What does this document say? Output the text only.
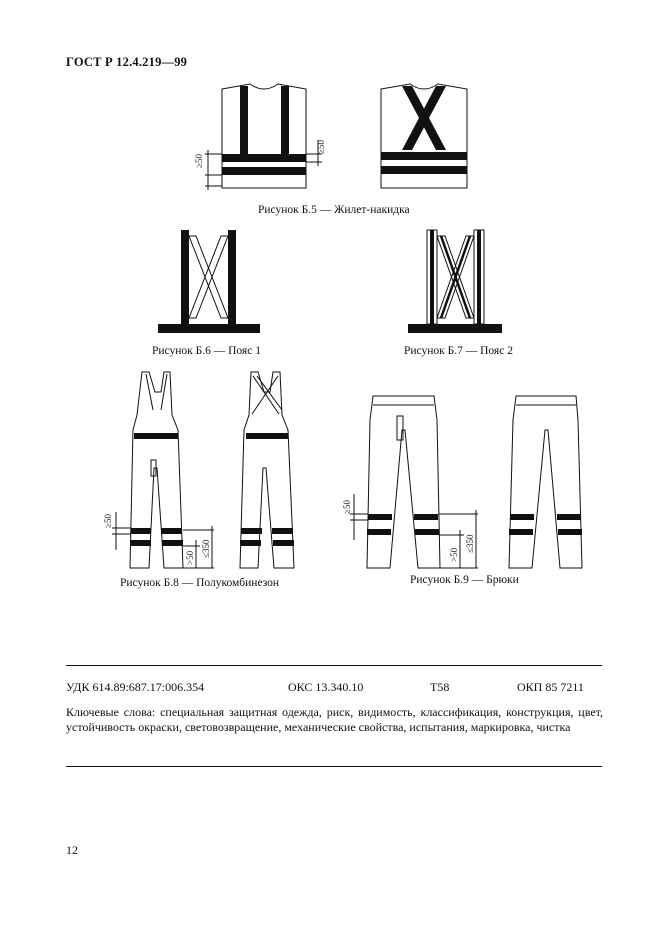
ГОСТ Р 12.4.219—99
≥50
≥50
≥50
>50 ≤350
≥50
>50
≤350
Рисунок Б.5 — Жилет-накидка
Рисунок Б.6 — Пояс 1	Рисунок Б.7 — Пояс 2
Рисунок Б.8 — Полукомбинезон	Рисунок Б.9 — Брюки
УДК 614.89:687.17:006.354	ОКС 13.340.10	Т58	ОКП 85 7211
Ключевые слова: специальная защитная одежда, риск, видимость, классификация, конструкция, цвет, устойчивость окраски, световозвращение, механические свойства, испытания, маркировка, чистка
12
